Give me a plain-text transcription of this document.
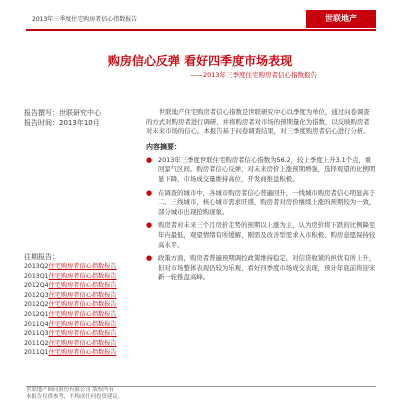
2013年三季度住宅购房者信心指数报告	世联地产
购房信心反弹 看好四季度市场表现
——2013年三季度住宅购房者信心指数报告
报告撰写：世联研究中心
报告时间：2013年10月
往期报告：
2013Q2住宅购房者信心指数报告
2013Q1住宅购房者信心指数报告
2012Q4住宅购房者信心指数报告
2012Q3住宅购房者信心指数报告
2012Q2住宅购房者信心指数报告
2012Q1住宅购房者信心指数报告
2011Q4住宅购房者信心指数报告
2011Q3住宅购房者信心指数报告
2011Q2住宅购房者信心指数报告
2011Q1住宅购房者信心指数报告

世联地产住宅购房者信心指数是世联研究中心以季度为单位，通过问卷调查的方式对购房者进行调研，并将购房者对市场的预期量化为指数，以反映购房者对未来市场的信心。本报告基于问卷调查结果，对三季度购房者信心进行分析。

内容摘要：
● 2013年三季度世联住宅购房者信心指数为56.2，较上季度上升3.1个点，重回景气区间。购房者信心反弹，对未来房价上涨预期增强，选择观望的比例明显下降，市场成交量维持高位，开发商推盘积极。

● 在调查的城市中，各城市购房者信心普遍回升，一线城市购房者信心明显高于二、三线城市，核心城市需求旺盛，购房者对房价继续上涨的预期较为一致，部分城市出现抢购现象。

● 购房者对未来三个月房价走势的预期以上涨为主，认为房价将下跌的比例降至年内最低，观望情绪有所缓解，刚需及改善型需求入市积极，购房意愿保持较高水平。

● 政策方面，购房者普遍预期调控政策维持稳定，对信贷收紧的担忧有所上升，但对市场整体表现仍较为乐观，看好四季度市场成交表现，预计年底前将迎来新一轮推盘高峰。

世联地产顾问股份有限公司 版权所有
本报告仅供参考，不构成任何投资建议。
